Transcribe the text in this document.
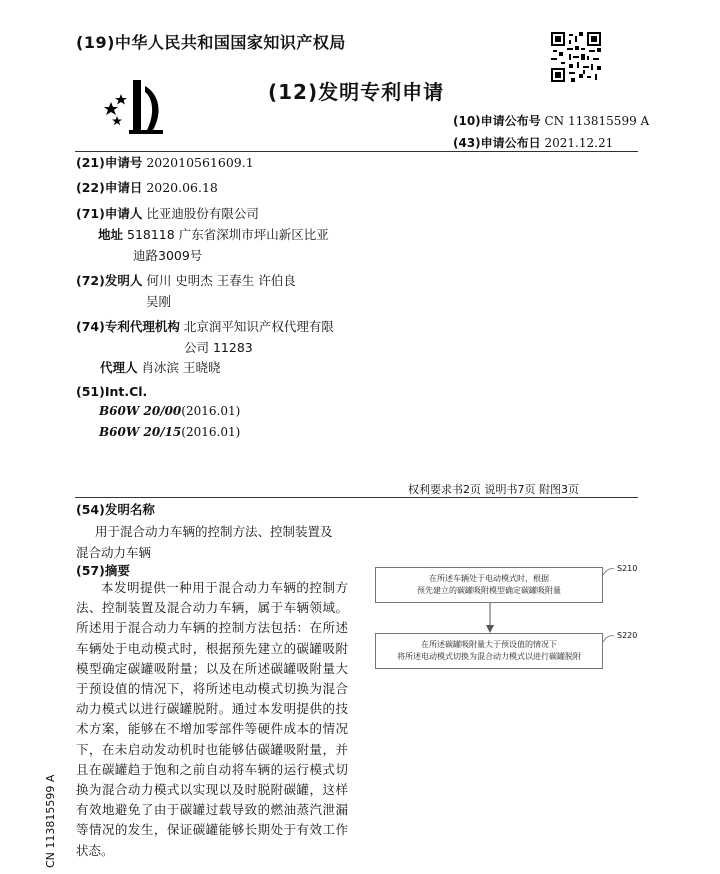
(19)中华人民共和国国家知识产权局
(12)发明专利申请
(10)申请公布号 CN 113815599 A
(43)申请公布日 2021.12.21
(21)申请号 202010561609.1
(22)申请日 2020.06.18
(71)申请人 比亚迪股份有限公司
地址 518118 广东省深圳市坪山新区比亚
迪路3009号
(72)发明人 何川 史明杰 王春生 许伯良
吴刚
(74)专利代理机构 北京润平知识产权代理有限
公司 11283
代理人 肖冰滨 王晓晓
(51)Int.Cl.
B60W 20/00(2016.01)
B60W 20/15(2016.01)
权利要求书2页 说明书7页 附图3页
(54)发明名称
用于混合动力车辆的控制方法、控制装置及
混合动力车辆
(57)摘要

本发明提供一种用于混合动力车辆的控制方法、控制装置及混合动力车辆，属于车辆领域。所述用于混合动力车辆的控制方法包括：在所述车辆处于电动模式时，根据预先建立的碳罐吸附模型确定碳罐吸附量；以及在所述碳罐吸附量大于预设值的情况下，将所述电动模式切换为混合动力模式以进行碳罐脱附。通过本发明提供的技术方案，能够在不增加零部件等硬件成本的情况下，在未启动发动机时也能够估碳罐吸附量，并且在碳罐趋于饱和之前自动将车辆的运行模式切换为混合动力模式以实现以及时脱附碳罐，这样有效地避免了由于碳罐过载导致的燃油蒸汽泄漏等情况的发生，保证碳罐能够长期处于有效工作状态。

在所述车辆处于电动模式时，根据
预先建立的碳罐吸附模型确定碳罐吸附量
S210
在所述碳罐吸附量大于预设值的情况下
将所述电动模式切换为混合动力模式以进行碳罐脱附
S220
CN 113815599 A
